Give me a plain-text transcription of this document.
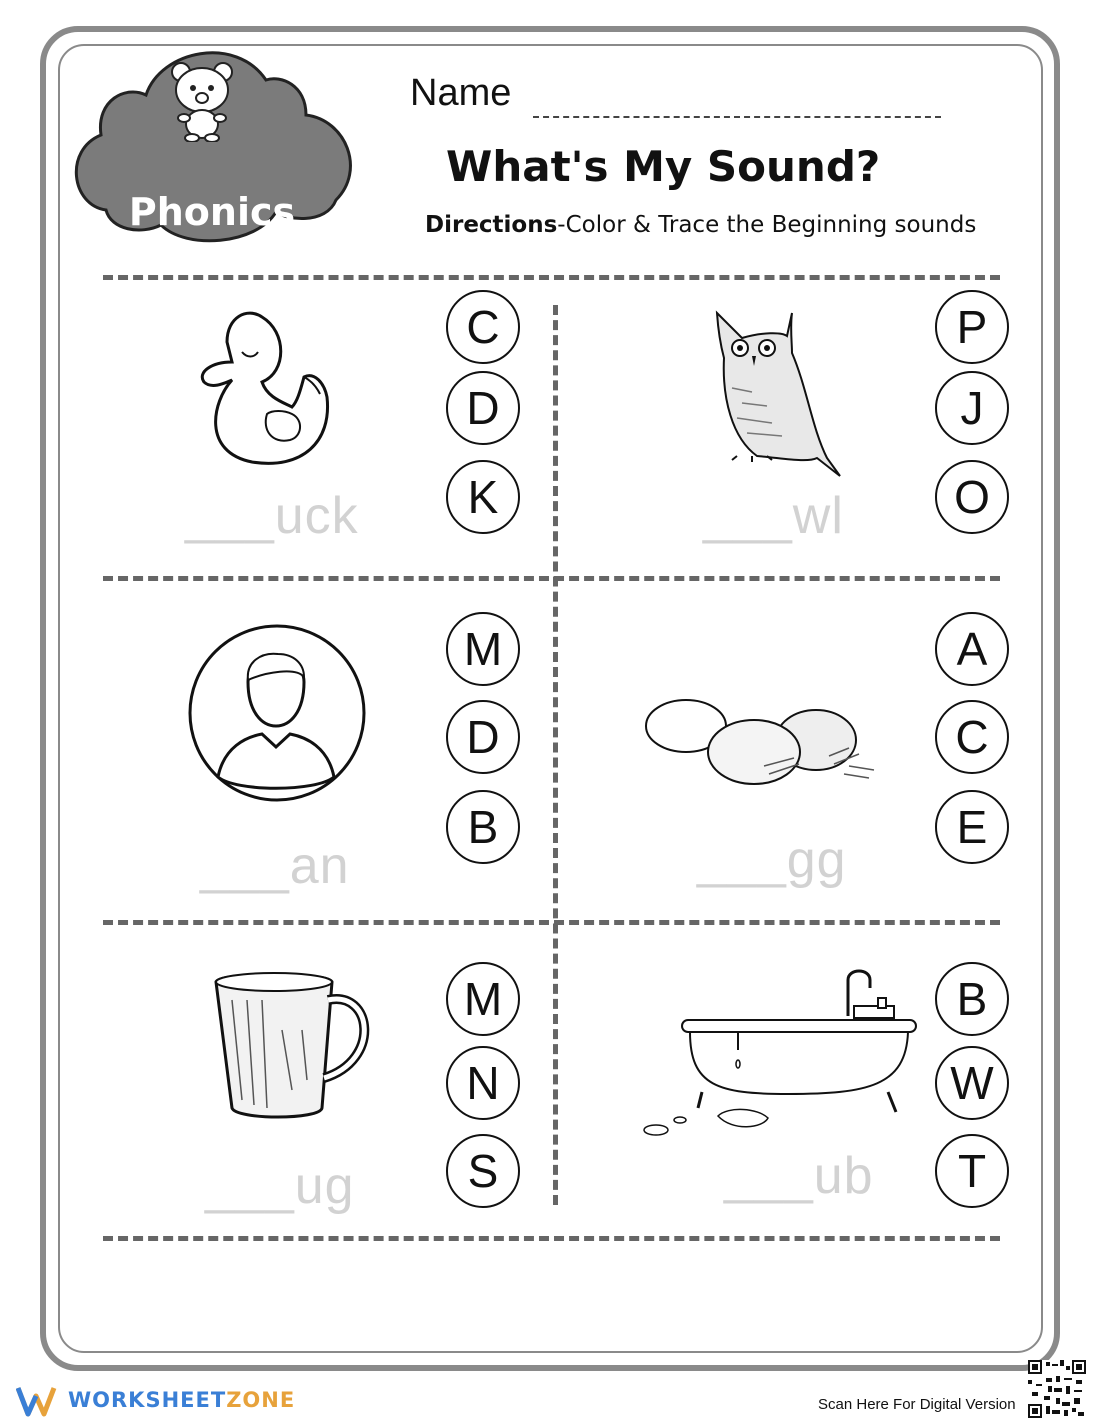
Phonics
Name
What's My Sound?
Directions-Color & Trace the Beginning sounds
___uck
C
D
K	___wl
P
J
O
___an
M
D
B
___gg
A
C
E
___ug
M
N
S	___ub
B
W
T
WORKSHEETZONE	Scan Here For Digital Version
